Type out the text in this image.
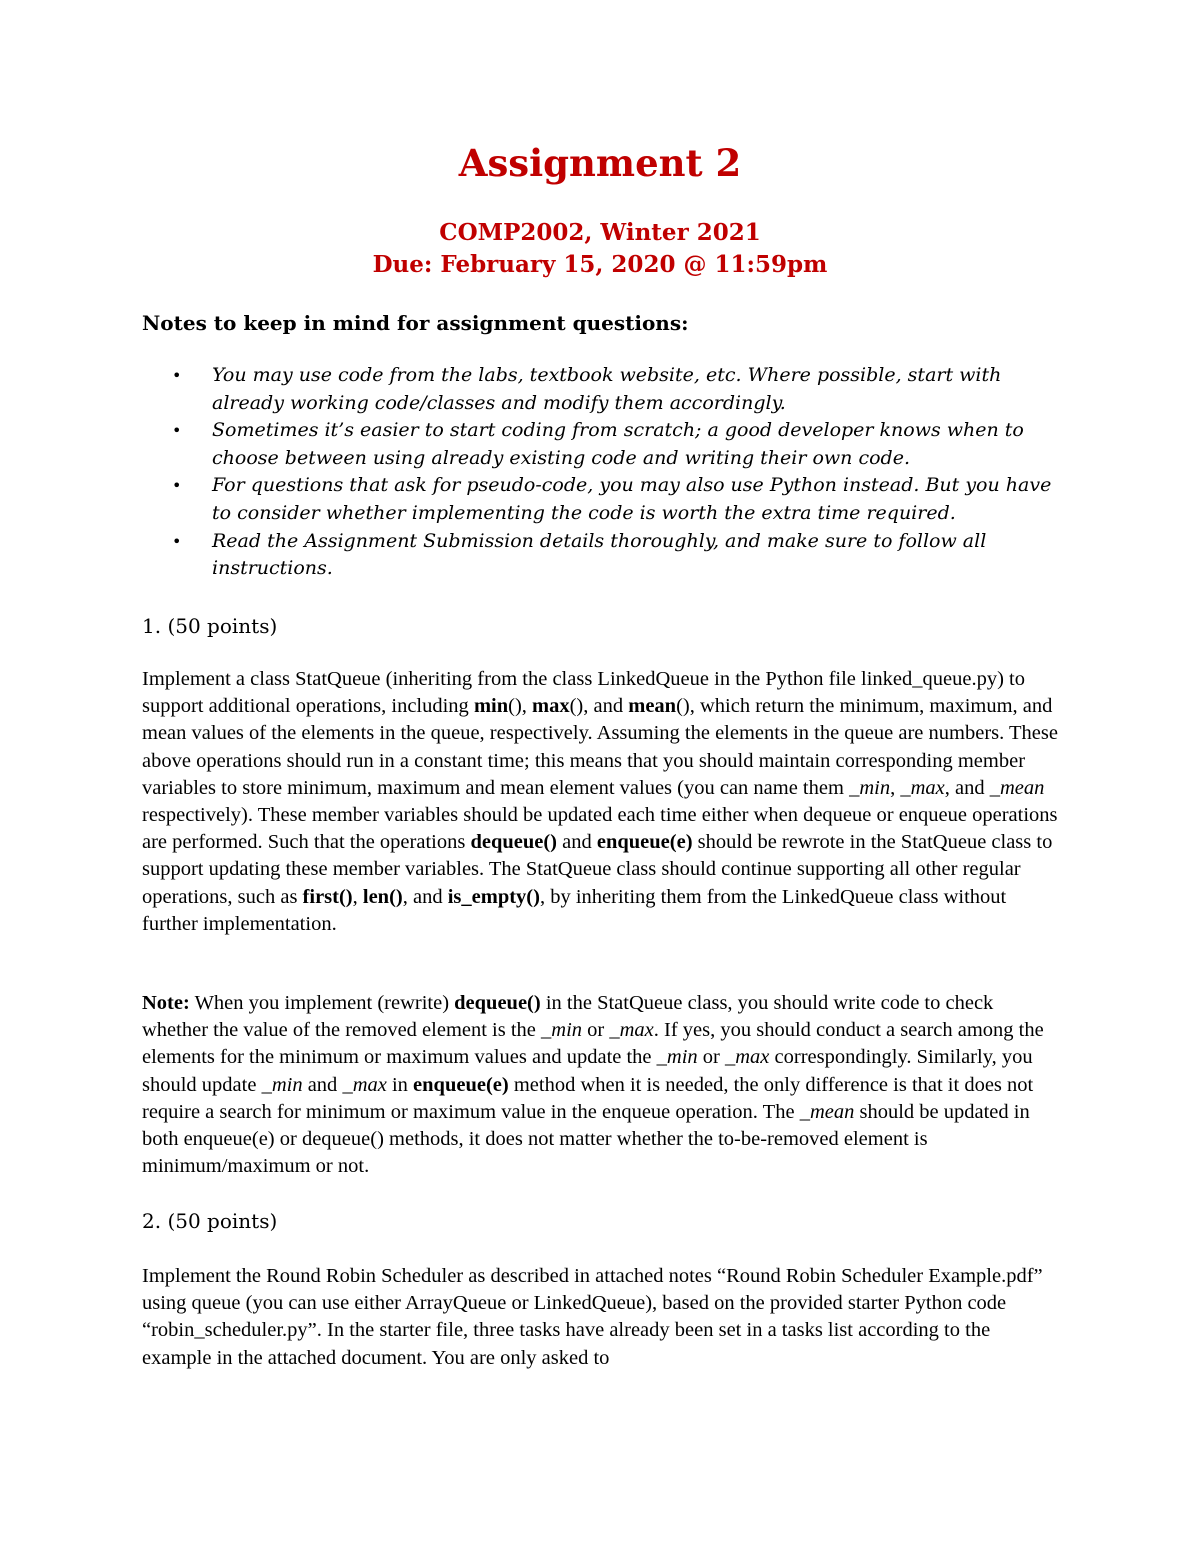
Assignment 2
COMP2002, Winter 2021
Due: February 15, 2020 @ 11:59pm
Notes to keep in mind for assignment questions:
• You may use code from the labs, textbook website, etc. Where possible, start with already working code/classes and modify them accordingly.
• Sometimes it’s easier to start coding from scratch; a good developer knows when to choose between using already existing code and writing their own code.
• For questions that ask for pseudo-code, you may also use Python instead. But you have to consider whether implementing the code is worth the extra time required.
• Read the Assignment Submission details thoroughly, and make sure to follow all instructions.
1. (50 points)

Implement a class StatQueue (inheriting from the class LinkedQueue in the Python file linked_queue.py) to support additional operations, including min(), max(), and mean(), which return the minimum, maximum, and mean values of the elements in the queue, respectively. Assuming the elements in the queue are numbers. These above operations should run in a constant time; this means that you should maintain corresponding member variables to store minimum, maximum and mean element values (you can name them _min, _max, and _mean respectively). These member variables should be updated each time either when dequeue or enqueue operations are performed. Such that the operations dequeue() and enqueue(e) should be rewrote in the StatQueue class to support updating these member variables. The StatQueue class should continue supporting all other regular operations, such as first(), len(), and is_empty(), by inheriting them from the LinkedQueue class without further implementation.

Note: When you implement (rewrite) dequeue() in the StatQueue class, you should write code to check whether the value of the removed element is the _min or _max. If yes, you should conduct a search among the elements for the minimum or maximum values and update the _min or _max correspondingly. Similarly, you should update _min and _max in enqueue(e) method when it is needed, the only difference is that it does not require a search for minimum or maximum value in the enqueue operation. The _mean should be updated in both enqueue(e) or dequeue() methods, it does not matter whether the to-be-removed element is minimum/maximum or not.

2. (50 points)

Implement the Round Robin Scheduler as described in attached notes “Round Robin Scheduler Example.pdf” using queue (you can use either ArrayQueue or LinkedQueue), based on the provided starter Python code “robin_scheduler.py”. In the starter file, three tasks have already been set in a tasks list according to the example in the attached document. You are only asked to
